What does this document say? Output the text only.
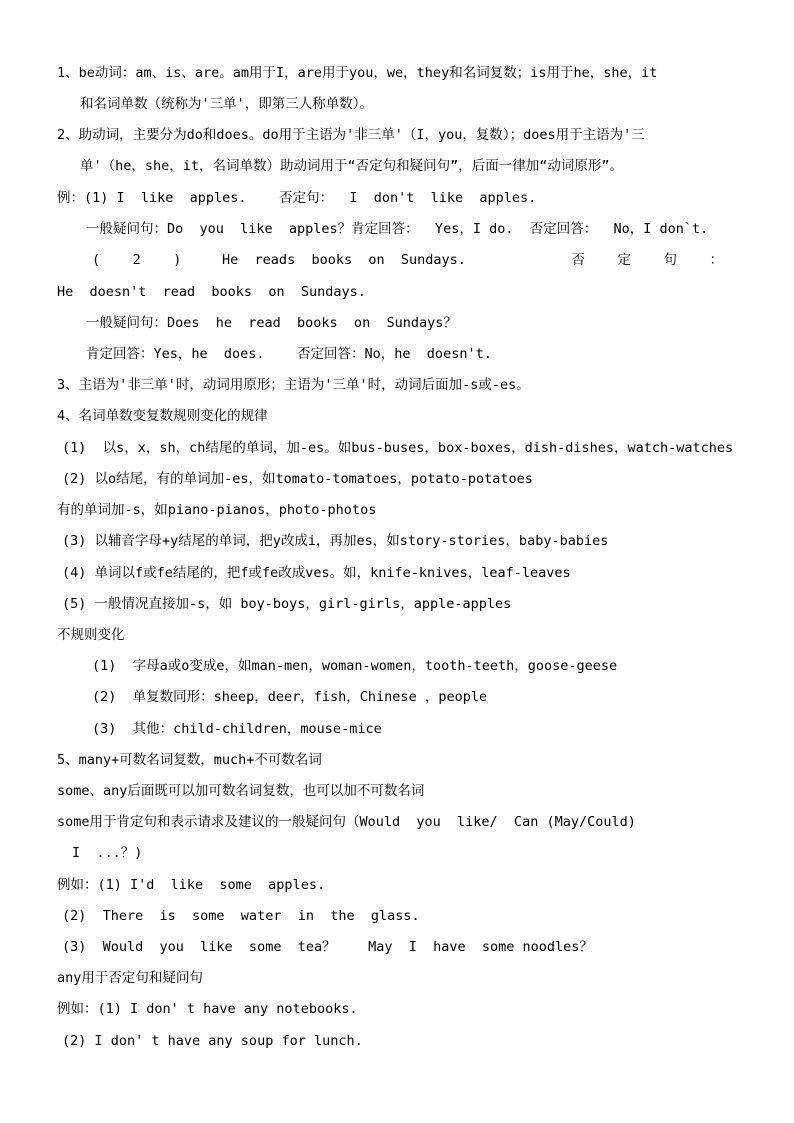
1、be动词：am、is、are。am用于I，are用于you，we，they和名词复数；is用于he，she，it
和名词单数（统称为'三单'，即第三人称单数）。
2、助动词，主要分为do和does。do用于主语为'非三单'（I，you，复数）；does用于主语为'三
单'（he，she，it，名词单数）助动词用于“否定句和疑问句”，后面一律加“动词原形”。
例：(1) I  like  apples.    否定句：  I  don't  like  apples.
一般疑问句：Do  you  like  apples？肯定回答：  Yes，I do.  否定回答：  No，I don`t.
(    2    )     He  reads  books  on  Sundays.             否    定    句    ：
He  doesn't  read  books  on  Sundays.
一般疑问句：Does  he  read  books  on  Sundays？
肯定回答：Yes，he  does.    否定回答：No，he  doesn't.
3、主语为'非三单'时，动词用原形；主语为'三单'时，动词后面加-s或-es。
4、名词单数变复数规则变化的规律
(1)  以s，x，sh，ch结尾的单词，加-es。如bus-buses，box-boxes，dish-dishes，watch-watches
(2) 以o结尾，有的单词加-es，如tomato-tomatoes，potato-potatoes
有的单词加-s，如piano-pianos，photo-photos
(3) 以辅音字母+y结尾的单词，把y改成i，再加es，如story-stories，baby-babies
(4) 单词以f或fe结尾的，把f或fe改成ves。如，knife-knives，leaf-leaves
(5) 一般情况直接加-s，如 boy-boys，girl-girls，apple-apples
不规则变化
(1)  字母a或o变成e，如man-men，woman-women，tooth-teeth，goose-geese
(2)  单复数同形：sheep，deer，fish，Chinese ，people
(3)  其他：child-children，mouse-mice
5、many+可数名词复数，much+不可数名词
some、any后面既可以加可数名词复数，也可以加不可数名词
some用于肯定句和表示请求及建议的一般疑问句（Would  you  like/  Can (May/Could)
I  ...？)
例如：(1) I'd  like  some  apples.
(2)  There  is  some  water  in  the  glass.
(3)  Would  you  like  some  tea？    May  I  have  some noodles？
any用于否定句和疑问句
例如：(1) I don' t have any notebooks.
(2) I don' t have any soup for lunch.
